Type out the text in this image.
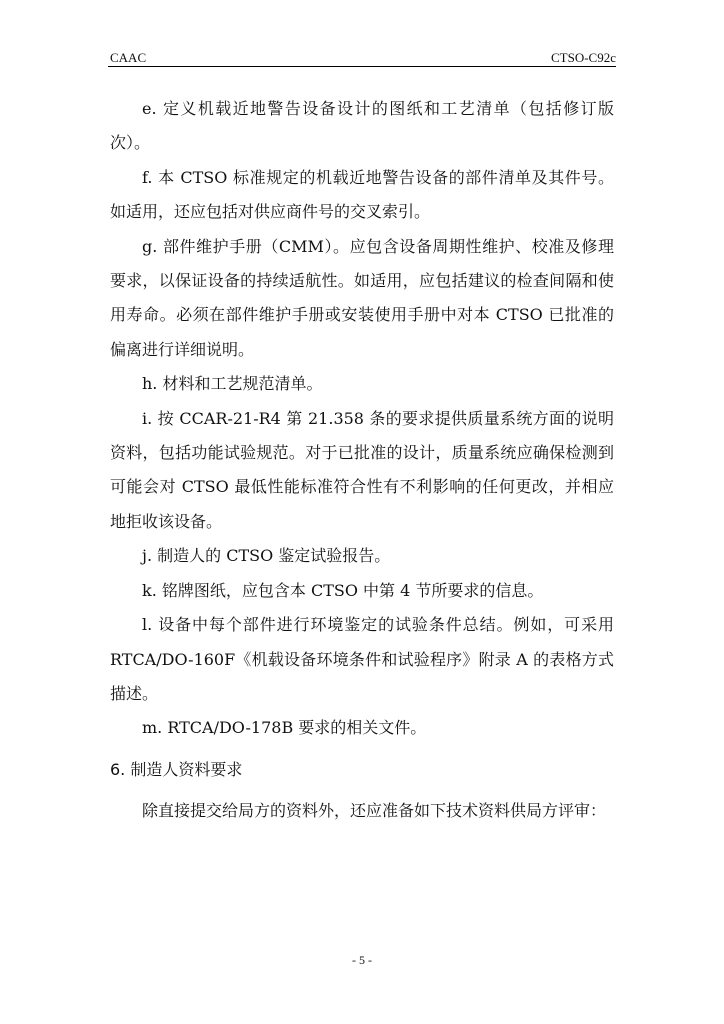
CAAC	CTSO-C92c

e. 定义机载近地警告设备设计的图纸和工艺清单（包括修订版次）。

f. 本 CTSO 标准规定的机载近地警告设备的部件清单及其件号。如适用，还应包括对供应商件号的交叉索引。

g. 部件维护手册（CMM）。应包含设备周期性维护、校准及修理要求，以保证设备的持续适航性。如适用，应包括建议的检查间隔和使用寿命。必须在部件维护手册或安装使用手册中对本 CTSO 已批准的偏离进行详细说明。

h. 材料和工艺规范清单。

i. 按 CCAR-21-R4 第 21.358 条的要求提供质量系统方面的说明资料，包括功能试验规范。对于已批准的设计，质量系统应确保检测到可能会对 CTSO 最低性能标准符合性有不利影响的任何更改，并相应地拒收该设备。

j. 制造人的 CTSO 鉴定试验报告。

k. 铭牌图纸，应包含本 CTSO 中第 4 节所要求的信息。

l. 设备中每个部件进行环境鉴定的试验条件总结。例如，可采用 RTCA/DO-160F《机载设备环境条件和试验程序》附录 A 的表格方式描述。

m. RTCA/DO-178B 要求的相关文件。

6. 制造人资料要求

除直接提交给局方的资料外，还应准备如下技术资料供局方评审：

- 5 -
